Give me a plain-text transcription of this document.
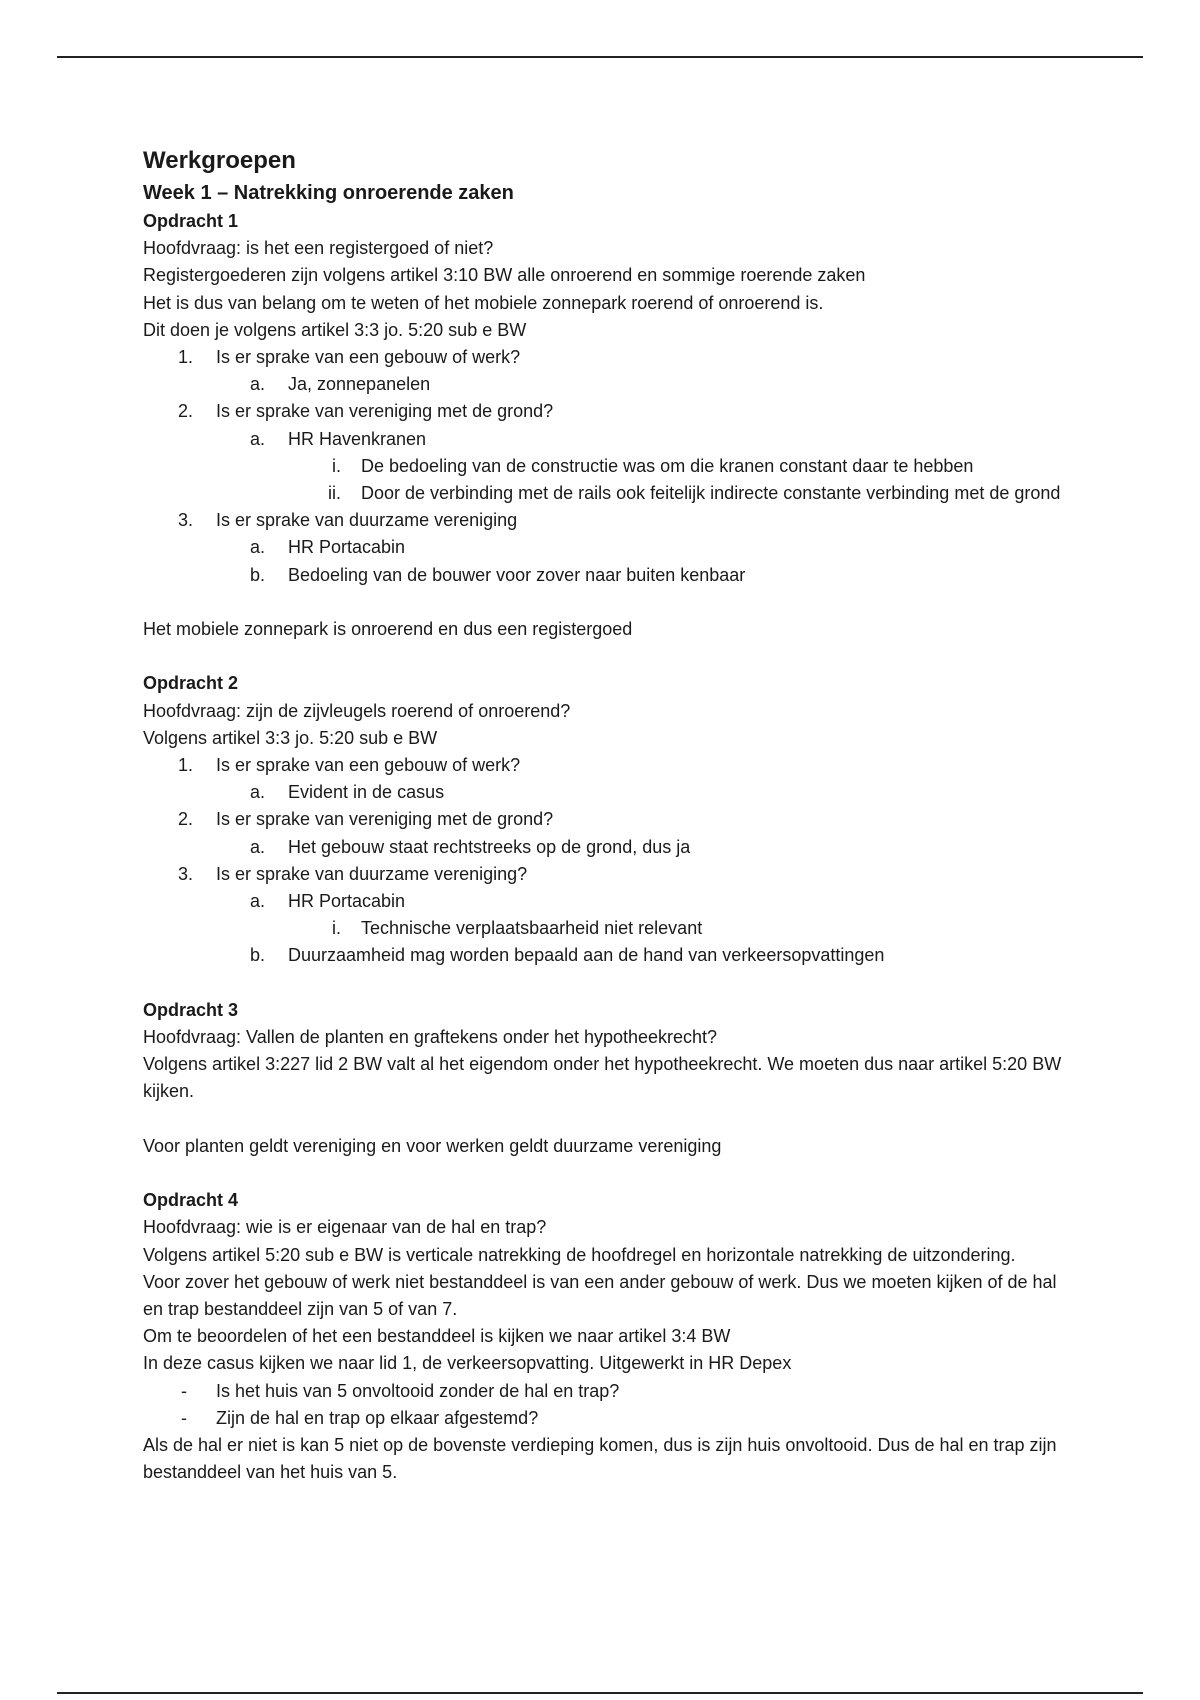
Werkgroepen
Week 1 – Natrekking onroerende zaken
Opdracht 1
Hoofdvraag: is het een registergoed of niet?
Registergoederen zijn volgens artikel 3:10 BW alle onroerend en sommige roerende zaken
Het is dus van belang om te weten of het mobiele zonnepark roerend of onroerend is.
Dit doen je volgens artikel 3:3 jo. 5:20 sub e BW
1. Is er sprake van een gebouw of werk?
a. Ja, zonnepanelen
2. Is er sprake van vereniging met de grond?
a. HR Havenkranen
i. De bedoeling van de constructie was om die kranen constant daar te hebben
ii. Door de verbinding met de rails ook feitelijk indirecte constante verbinding met de grond
3. Is er sprake van duurzame vereniging
a. HR Portacabin
b. Bedoeling van de bouwer voor zover naar buiten kenbaar
Het mobiele zonnepark is onroerend en dus een registergoed
Opdracht 2
Hoofdvraag: zijn de zijvleugels roerend of onroerend?
Volgens artikel 3:3 jo. 5:20 sub e BW
1. Is er sprake van een gebouw of werk?
a. Evident in de casus
2. Is er sprake van vereniging met de grond?
a. Het gebouw staat rechtstreeks op de grond, dus ja
3. Is er sprake van duurzame vereniging?
a. HR Portacabin
i. Technische verplaatsbaarheid niet relevant
b. Duurzaamheid mag worden bepaald aan de hand van verkeersopvattingen
Opdracht 3
Hoofdvraag: Vallen de planten en graftekens onder het hypotheekrecht?
Volgens artikel 3:227 lid 2 BW valt al het eigendom onder het hypotheekrecht. We moeten dus naar artikel 5:20 BW kijken.
Voor planten geldt vereniging en voor werken geldt duurzame vereniging
Opdracht 4
Hoofdvraag: wie is er eigenaar van de hal en trap?
Volgens artikel 5:20 sub e BW is verticale natrekking de hoofdregel en horizontale natrekking de uitzondering.
Voor zover het gebouw of werk niet bestanddeel is van een ander gebouw of werk. Dus we moeten kijken of de hal en trap bestanddeel zijn van 5 of van 7.
Om te beoordelen of het een bestanddeel is kijken we naar artikel 3:4 BW
In deze casus kijken we naar lid 1, de verkeersopvatting. Uitgewerkt in HR Depex
- Is het huis van 5 onvoltooid zonder de hal en trap?
- Zijn de hal en trap op elkaar afgestemd?
Als de hal er niet is kan 5 niet op de bovenste verdieping komen, dus is zijn huis onvoltooid. Dus de hal en trap zijn bestanddeel van het huis van 5.
